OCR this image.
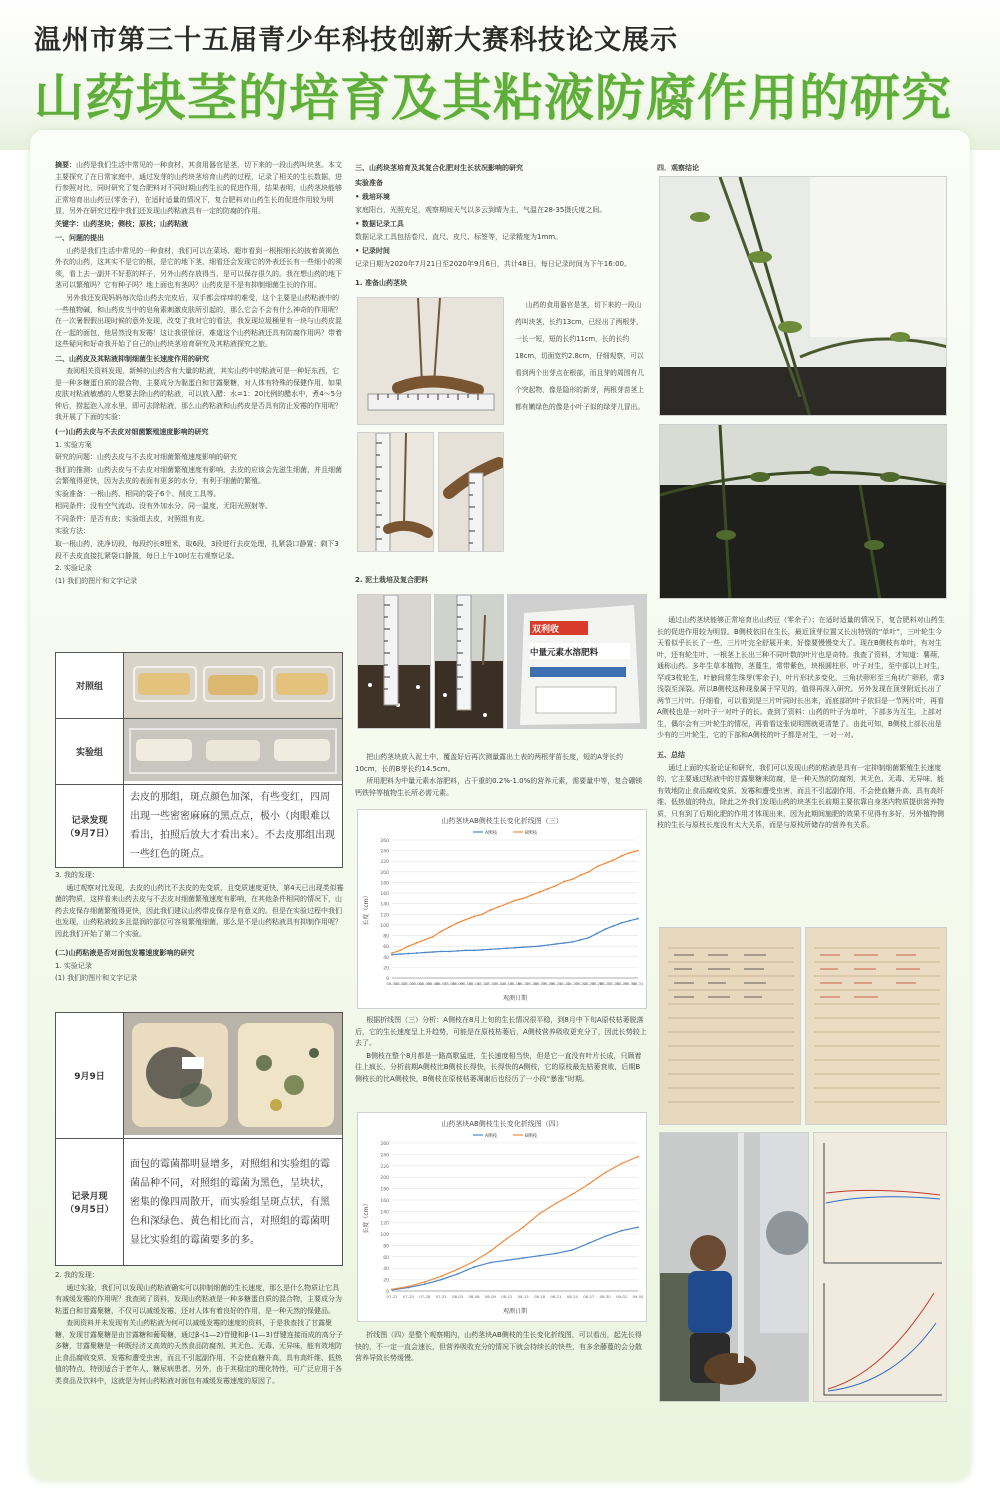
温州市第三十五届青少年科技创新大赛科技论文展示
山药块茎的培育及其粘液防腐作用的研究

摘要：山药是我们生活中常见的一种食材，其食用器官是茎，切下来的一段山药叫块茎。本文主要探究了在日常家庭中，通过发芽的山药块茎培育山药的过程，记录了相关的生长数据，进行参照对比，同时研究了复合肥料对不同时期山药生长的促进作用，结果表明，山药茎块能够正常培育出山药豆(零余子)，在适时适量的情况下，复合肥料对山药生长的促进作用较为明显，另外在研究过程中我们还发现山药粘液具有一定的防腐的作用。

关键字：山药茎块；侧枝；原枝；山药粘液

一、问题的提出

山药是我们生活中常见的一种食材，我们可以在菜场、超市看到一根根细长的披着黄褐色外衣的山药，这其实不是它的根，是它的地下茎，细看还会发现它的外表还长有一些细小的须须，看上去一副并不好惹的样子，另外山药存放得当，是可以保存很久的。我在想山药的地下茎可以繁殖吗？它有种子吗？地上面也有茎吗？山药皮是不是有抑制细菌生长的作用。

另外我还发现妈妈每次给山药去完皮后，双手都会痒痒的难受，这个主要是山药粘液中的一些植物碱，和山药皮当中的皂角素刺激皮肤所引起的，那么它会不会有什么神奇的作用呢？在一次暑假假出现时候的意外发现，改变了我对它的看法，我发现垃圾桶里有一块与山药皮混在一起的面包，他居然没有发霉！这让我很惊讶，难道这个山药粘液还具有防腐作用吗？带着这些疑问和好奇我开始了自己的山药块茎培育研究及其粘液探究之旅。

二、山药皮及其粘液抑制细菌生长速度作用的研究

查阅相关资料发现，新鲜的山药含有大量的粘液，其实山药中的粘液可是一种好东西，它是一种多糖蛋白质的混合物，主要成分为黏蛋白和甘露聚糖，对人体有特殊的保健作用，如果皮肤对粘液敏感的人想要去除山药的粘液，可以放入醋：水=1：20比例的醋水中，煮4～5分钟后，捞起泡入凉水里，即可去除粘液，那么山药粘液和山药皮是否具有防止发霉的作用呢？我开展了下面的实验：

(一)山药去皮与不去皮对细菌繁殖速度影响的研究

1. 实验方案

研究的问题：山药去皮与不去皮对细菌繁殖速度影响的研究

我们的推测：山药去皮与不去皮对细菌繁殖速度有影响，去皮的应该会先滋生细菌，并且细菌会繁殖得更快，因为去皮的表面有更多的水分，有利于细菌的繁殖。

实验准备：一根山药、相同的袋子6个、削皮工具等。

相同条件：没有空气流动、没有外加水分、同一温度、无阳光照射等。

不同条件：是否有皮；实验组去皮，对照组有皮。

实验方法：

取一根山药，洗净切段，每段约长8厘米，取6段，3段进行去皮处理，扎紧袋口静置；剩下3段不去皮直接扎紧袋口静置，每日上午10时左右观察记录。

2. 实验记录

(1) 我们的图片和文字记录

对照组	
实验组	
记录发现
（9月7日）	去皮的那组，斑点颜色加深，有些变红，四周出现一些密密麻麻的黑点点，极小（肉眼难以看出，拍照后放大才看出来）。不去皮那组出现一些红色的斑点。

3. 我的发现：

通过观察对比发现，去皮的山药比不去皮的先变质，且变质速度更快，第4天已出现类似霉菌的物质，这样看来山药去皮与不去皮对细菌繁殖速度有影响，在其他条件相同的情况下，山药去皮保存细菌繁殖得更快，因此我们建议山药带皮保存是有意义的。但是在实验过程中我们也发现，山药粘液较多且湿润的部位可容易繁殖细菌，那么是不是山药粘液具有抑制作用呢？因此我们开始了第二个实验。

(二)山药粘液是否对面包发霉速度影响的研究

1. 实验记录

(1) 我们的图片和文字记录

9月9日	
记录月现
（9月5日）	面包的霉菌都明显增多，对照组和实验组的霉菌品种不同，对照组的霉菌为黑色，呈块状，密集的像四周散开，而实验组呈斑点状，有黑色和深绿色、黄色相比而言，对照组的霉菌明显比实验组的霉菌要多的多。

2. 我的发现：

通过实验，我们可以发现山药粘液确实可以抑制细菌的生长速度，那么是什么物质让它具有减缓发霉的作用呢？我查阅了资料，发现山药粘液是一种多糖蛋白质的混合物，主要成分为粘蛋白和甘露聚糖，不仅可以减缓发霉，还对人体有着良好的作用，是一种天然的保健品。

查阅资料并未发现有关山药粘液为何可以减缓发霉的速度的资料，于是我查找了甘露聚糖，发现甘露聚糖是由甘露糖和葡萄糖，通过β-(1—2)苷键和β-(1—3)苷键连接而成的高分子多糖，甘露聚糖是一种既经济又高效的天然食品防腐剂，其无色、无毒、无异味，能有效地防止食品腐败变质、发霉和遭受虫害，而且不引起副作用，不会使血糖升高，具有高纤维、低热值的特点，特别适合于老年人、糖尿病患者。另外，由于其稳定的理化特性，可广泛应用于各类食品及饮料中，这就是为何山药粘液对面包有减缓发霉速度的原因了。

三、山药块茎培育及其复合化肥对生长状况影响的研究

实验准备

• 栽培环境

家庭阳台，光照充足，观察期间天气以多云到晴为主，气温在28-35摄氏度之间。

• 数据记录工具

数据记录工具包括卷尺、直尺、皮尺、标签等，记录精度为1mm。

• 记录时间

记录日期为2020年7月21日至2020年9月6日，共计48日，每日记录时间为下午16:00。

1. 准备山药茎块

山药的食用器官是茎，切下来的一段山药叫块茎，长约13cm，已经出了两根芽，一长一短，短的长约11cm，长的长约18cm，切面宽约2.8cm，仔细观察，可以看到两个出芽点在根部，而且芽的周围有几个突起物，像是隐形的新芽，两根芽苗茎上都有嫩绿色的像是小叶子似的绿芽儿冒出。

2. 泥土栽培及复合肥料

双利收
中量元素水溶肥料

把山药茎块放入泥土中，覆盖好后再次测量露出土表的两根芽苗长度，短的A芽长约10cm，长的B芽长约14.5cm。

所用肥料为中量元素水溶肥料，占干重的0.2%-1.0%的营养元素，需要量中等，复合硼镁钙铁锌等植物生长所必需元素。

山药茎块AB侧枝生长变化折线图（三）
0
20
40
60
80
100
120
140
160
180
200
220
240
260
08-01
08-02
08-03
08-04
08-05
08-06
08-07
08-08
08-09
08-10
08-11
08-12
08-13
08-14
08-15
08-16
08-17
08-18
08-19
08-20
08-21
08-22
08-23
08-24
08-25
08-26
08-27
08-28
08-29
08-30
08-31
观测日期
长度（cm）
A侧枝	B侧枝

根据折线图（三）分析：A侧枝在8月上旬的生长情况很平稳，到8月中下旬A原枝枯萎脱落后，它的生长速度呈上升趋势，可能是在原枝枯萎后，A侧枝营养吸收更充分了，因此长势较上去了。

B侧枝在整个8月都是一路高歌猛进，生长速度相当快，但是它一直没有叶片长成，只顾着往上疯长，分析前期A侧枝比B侧枝长得快，长得快的A侧枝，它的原枝最先枯萎衰败，后期B侧枝长的比A侧枝快，B侧枝在原枝枯萎凋谢后也经历了一小段“暴涨”时期。

山药茎块AB侧枝生长变化折线图（四）
0
20
40
60
80
100
120
140
160
180
200
220
240
260
07-22 07-25 07-28 07-31 08-03 08-06 08-09 08-12 08-15 08-18 08-21 08-24 08-27 08-30 09-02 09-05
观测日期
长度（cm）
A侧枝	B侧枝

折线图（四）是整个观察期内，山药茎块AB侧枝的生长变化折线图，可以看出，起先长得快的，不一定一直会速长，但营养吸收充分的情况下就会持续长的快些，有多余藤蔓的会分散营养导致长势缓慢。

四．观察结论

通过山药茎块能够正常培育出山药豆（零余子）；在适时适量的情况下，复合肥料对山药生长的促进作用较为明显。B侧枝依旧在生长，最近顶芽位置又长出特别的“单叶”，三叶轮生今天看似乎长长了一些，三片叶完全舒展开来，好像要慢慢变大了。现在B侧枝有单叶，有对生叶，还有轮生叶，一根茎上长出三种不同叶数的叶片也是奇特。我查了资料，才知道：薯蒴，通称山药。多年生草本植物，茎蔓生，常带紫色，块根圆柱形，叶子对生，至中部以上对生，罕或3枚轮生，叶腋间常生珠芽(零余子)，叶片形状多变化，三角状卵形至三角状广卵形，常3浅裂至深裂。所以B侧枝这种现象属于罕见的，值得再深入研究。另外发现在顶芽附近长出了两节三片叶。仔细看，可以看到是三片叶同时长出来，而底部的叶子依旧是一节两片叶，再看A侧枝也是一对叶子一对叶子的长。查到了资料：山药的叶子为单叶，下部多为互生，上部对生，偶尔会有三叶轮生的情况，再看看这张说明图就更清楚了。由此可知，B侧枝上部长出是少有的三叶轮生，它的下部和A侧枝的叶子都是对生，一对一对。

五、总结

通过上面的实验论证和研究，我们可以发现山药的粘液是具有一定抑制细菌繁殖生长速度的，它主要通过粘液中的甘露聚糖来防腐，是一种天然的防腐剂，其无色、无毒、无异味，能有效地防止食品腐败变质、发霉和遭受虫害，而且不引起副作用，不会使血糖升高，具有高纤维、低热值的特点，除此之外我们发现山药的块茎生长前期主要依靠自身茎内物质提供营养物质，只有到了后期化肥的作用才体现出来，因为此期间施肥的效果不见得有多好，另外植物侧枝的生长与原枝长度没有太大关系，而是与原枝所储存的营养有关系。
